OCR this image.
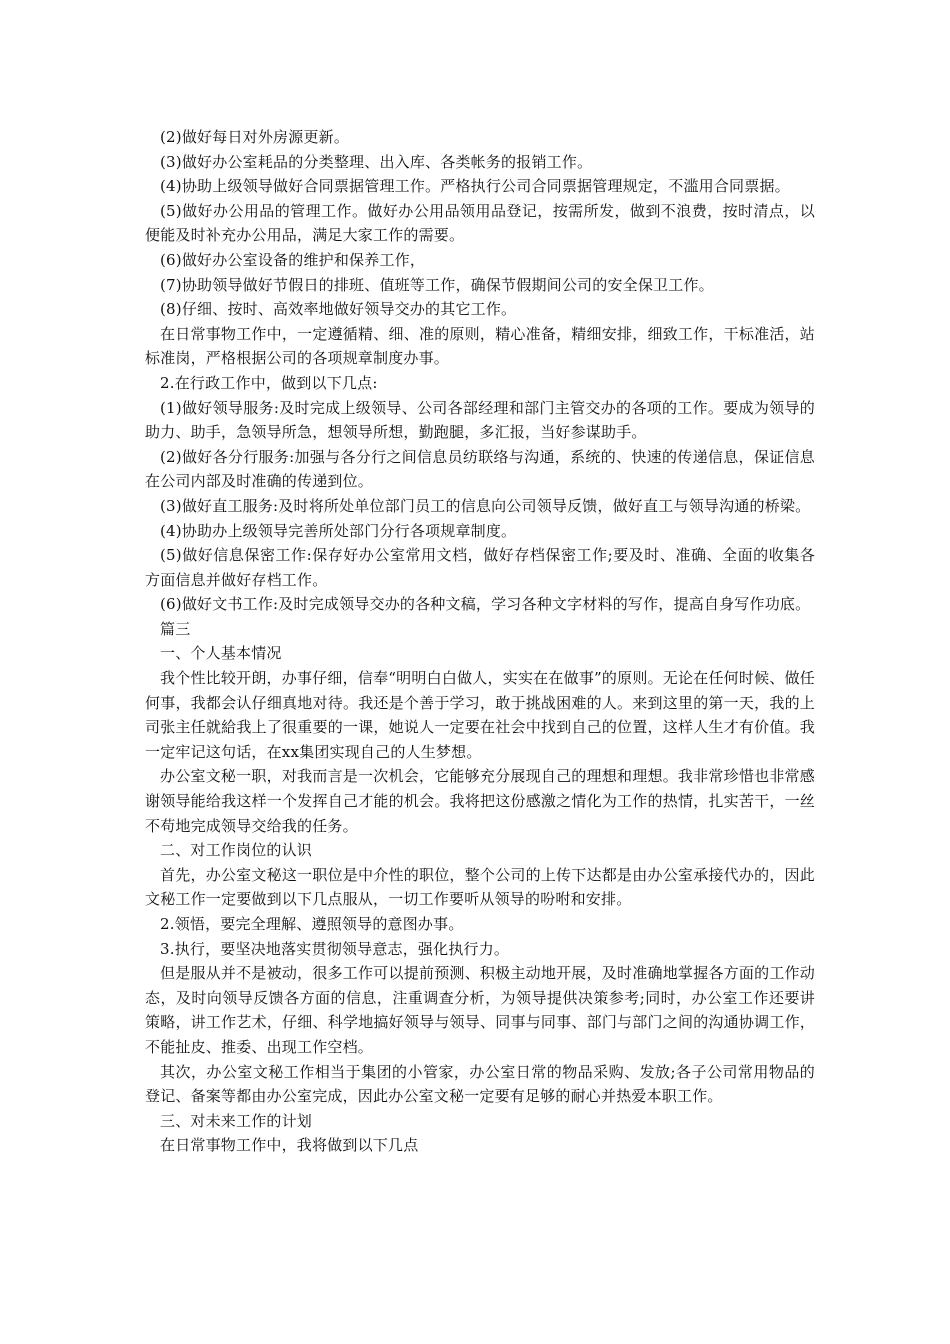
(2)做好每日对外房源更新。

(3)做好办公室耗品的分类整理、出入库、各类帐务的报销工作。

(4)协助上级领导做好合同票据管理工作。严格执行公司合同票据管理规定，不滥用合同票据。

(5)做好办公用品的管理工作。做好办公用品领用品登记，按需所发，做到不浪费，按时清点，以便能及时补充办公用品，满足大家工作的需要。

(6)做好办公室设备的维护和保养工作，

(7)协助领导做好节假日的排班、值班等工作，确保节假期间公司的安全保卫工作。

(8)仔细、按时、高效率地做好领导交办的其它工作。

在日常事物工作中，一定遵循精、细、准的原则，精心准备，精细安排，细致工作，干标准活，站标准岗，严格根据公司的各项规章制度办事。

2.在行政工作中，做到以下几点:

(1)做好领导服务:及时完成上级领导、公司各部经理和部门主管交办的各项的工作。要成为领导的助力、助手，急领导所急，想领导所想，勤跑腿，多汇报，当好参谋助手。

(2)做好各分行服务:加强与各分行之间信息员纺联络与沟通，系统的、快速的传递信息，保证信息在公司内部及时准确的传递到位。

(3)做好直工服务:及时将所处单位部门员工的信息向公司领导反馈，做好直工与领导沟通的桥梁。

(4)协助办上级领导完善所处部门分行各项规章制度。

(5)做好信息保密工作:保存好办公室常用文档，做好存档保密工作;要及时、准确、全面的收集各方面信息并做好存档工作。

(6)做好文书工作:及时完成领导交办的各种文稿，学习各种文字材料的写作，提高自身写作功底。

篇三

一、个人基本情况

我个性比较开朗，办事仔细，信奉“明明白白做人，实实在在做事”的原则。无论在任何时候、做任何事，我都会认仔细真地对待。我还是个善于学习，敢于挑战困难的人。来到这里的第一天，我的上司张主任就給我上了很重要的一课，她说人一定要在社会中找到自己的位置，这样人生才有价值。我一定牢记这句话，在xx集团实现自己的人生梦想。

办公室文秘一职，对我而言是一次机会，它能够充分展现自己的理想和理想。我非常珍惜也非常感谢领导能给我这样一个发挥自己才能的机会。我将把这份感激之情化为工作的热情，扎实苦干，一丝不苟地完成领导交给我的任务。

二、对工作岗位的认识

首先，办公室文秘这一职位是中介性的职位，整个公司的上传下达都是由办公室承接代办的，因此文秘工作一定要做到以下几点服从，一切工作要听从领导的吩咐和安排。

2.领悟，要完全理解、遵照领导的意图办事。

3.执行，要坚决地落实贯彻领导意志，强化执行力。

但是服从并不是被动，很多工作可以提前预测、积极主动地开展，及时准确地掌握各方面的工作动态，及时向领导反馈各方面的信息，注重调查分析，为领导提供决策参考;同时，办公室工作还要讲策略，讲工作艺术，仔细、科学地搞好领导与领导、同事与同事、部门与部门之间的沟通协调工作，不能扯皮、推委、出现工作空档。

其次，办公室文秘工作相当于集团的小管家，办公室日常的物品采购、发放;各子公司常用物品的登记、备案等都由办公室完成，因此办公室文秘一定要有足够的耐心并热爱本职工作。

三、对未来工作的计划

在日常事物工作中，我将做到以下几点
